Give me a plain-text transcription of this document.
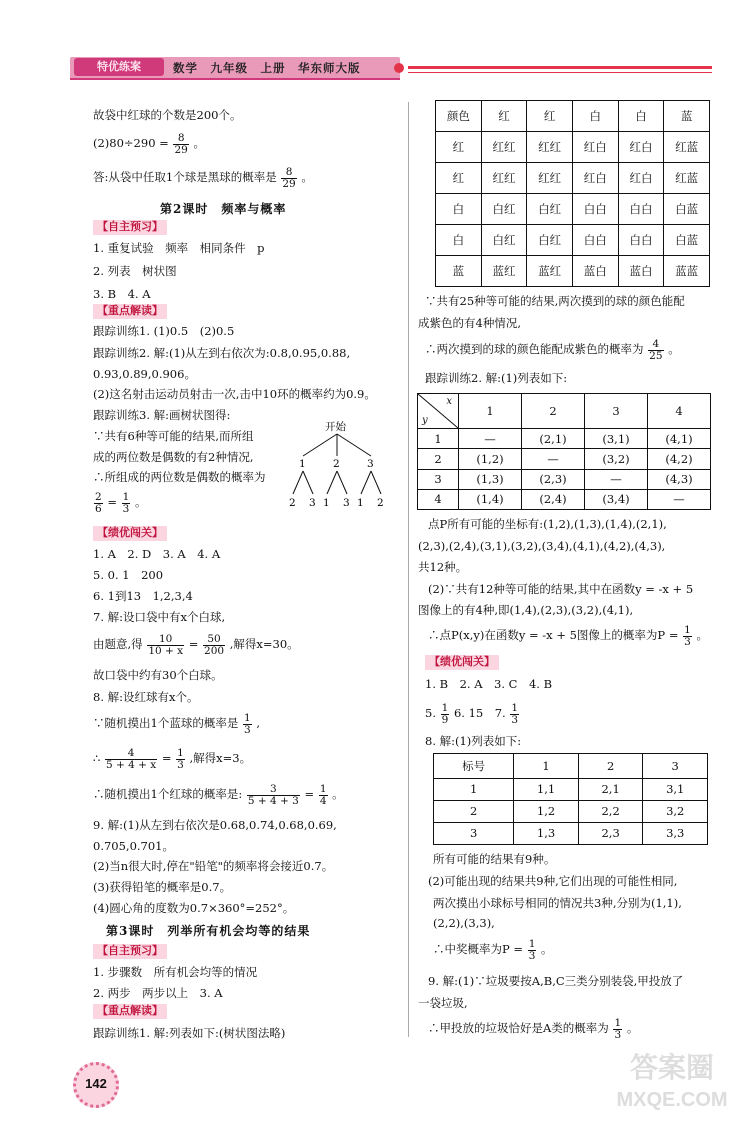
特优练案	数学　九年级　上册　华东师大版
故袋中红球的个数是200个。
$(2)80\div 290 = \frac{8}{29}$ 。
答:从袋中任取1个球是黑球的概率是 $\frac{8}{29}$ 。
第2课时　频率与概率
【自主预习】
1. 重复试验　频率　相同条件　p
2. 列表　树状图
3. B　4. A
【重点解读】
跟踪训练1. (1)0.5　(2)0.5
跟踪训练2. 解:(1)从左到右依次为:0.8,0.95,0.88,
0.93,0.89,0.906。
(2)这名射击运动员射击一次,击中10环的概率约为0.9。
跟踪训练3. 解:画树状图得:
∵共有6种等可能的结果,而所组
成的两位数是偶数的有2种情况,
∴所组成的两位数是偶数的概率为
$\frac{2}{6} = \frac{1}{3}$ 。
开始
1	2	3
2 3 1 3 1 2
【绩优闯关】
1. A　2. D　3. A　4. A
5. 0. 1　200
6. 1到13　1,2,3,4
7. 解:设口袋中有x个白球,
由题意,得 $\frac{10}{10 + x} = \frac{50}{200}$ ,解得x=30。
故口袋中约有30个白球。
8. 解:设红球有x个。
∵随机摸出1个蓝球的概率是 $\frac{1}{3}$ ,
∴ $\frac{4}{5 + 4 + x} = \frac{1}{3}$ ,解得x=3。
∴随机摸出1个红球的概率是: $\frac{3}{5 + 4 + 3} = \frac{1}{4}$ 。
9. 解:(1)从左到右依次是0.68,0.74,0.68,0.69,
0.705,0.701。
(2)当n很大时,停在"铅笔"的频率将会接近0.7。
(3)获得铅笔的概率是0.7。
(4)圆心角的度数为0.7×360°=252°。
第3课时　列举所有机会均等的结果
【自主预习】
1. 步骤数　所有机会均等的情况
2. 两步　两步以上　3. A
【重点解读】
跟踪训练1. 解:列表如下:(树状图法略)
颜色	红	红	白	白	蓝
红	红红	红红	红白	红白	红蓝
红	红红	红红	红白	红白	红蓝
白	白红	白红	白白	白白	白蓝
白	白红	白红	白白	白白	白蓝
蓝	蓝红	蓝红	蓝白	蓝白	蓝蓝
∵共有25种等可能的结果,两次摸到的球的颜色能配
成紫色的有4种情况,
∴两次摸到的球的颜色能配成紫色的概率为 $\frac{4}{25}$ 。
跟踪训练2. 解:(1)列表如下:
x
y	1	2	3	4
1	—	(2,1)	(3,1)	(4,1)
2	(1,2)	—	(3,2)	(4,2)
3	(1,3)	(2,3)	—	(4,3)
4	(1,4)	(2,4)	(3,4)	—
点P所有可能的坐标有:(1,2),(1,3),(1,4),(2,1),
(2,3),(2,4),(3,1),(3,2),(3,4),(4,1),(4,2),(4,3),
共12种。
(2)∵共有12种等可能的结果,其中在函数y = -x + 5
图像上的有4种,即(1,4),(2,3),(3,2),(4,1),
∴点P(x,y)在函数y = -x + 5图像上的概率为$P = \frac{1}{3}$ 。
【绩优闯关】
1. B　2. A　3. C　4. B
5. $\frac{1}{9} 6$. 15　7. $\frac{1}{3}$
8. 解:(1)列表如下:
标号	1	2	3
1	1,1	2,1	3,1
2	1,2	2,2	3,2
3	1,3	2,3	3,3
所有可能的结果有9种。
(2)可能出现的结果共9种,它们出现的可能性相同,
两次摸出小球标号相同的情况共3种,分别为(1,1),
(2,2),(3,3),
∴中奖概率为$P = \frac{1}{3}$ 。
9. 解:(1)∵垃圾要按A,B,C三类分别装袋,甲投放了
一袋垃圾,
∴甲投放的垃圾恰好是A类的概率为 $\frac{1}{3}$ 。
142
答案圈
MXQE.COM
